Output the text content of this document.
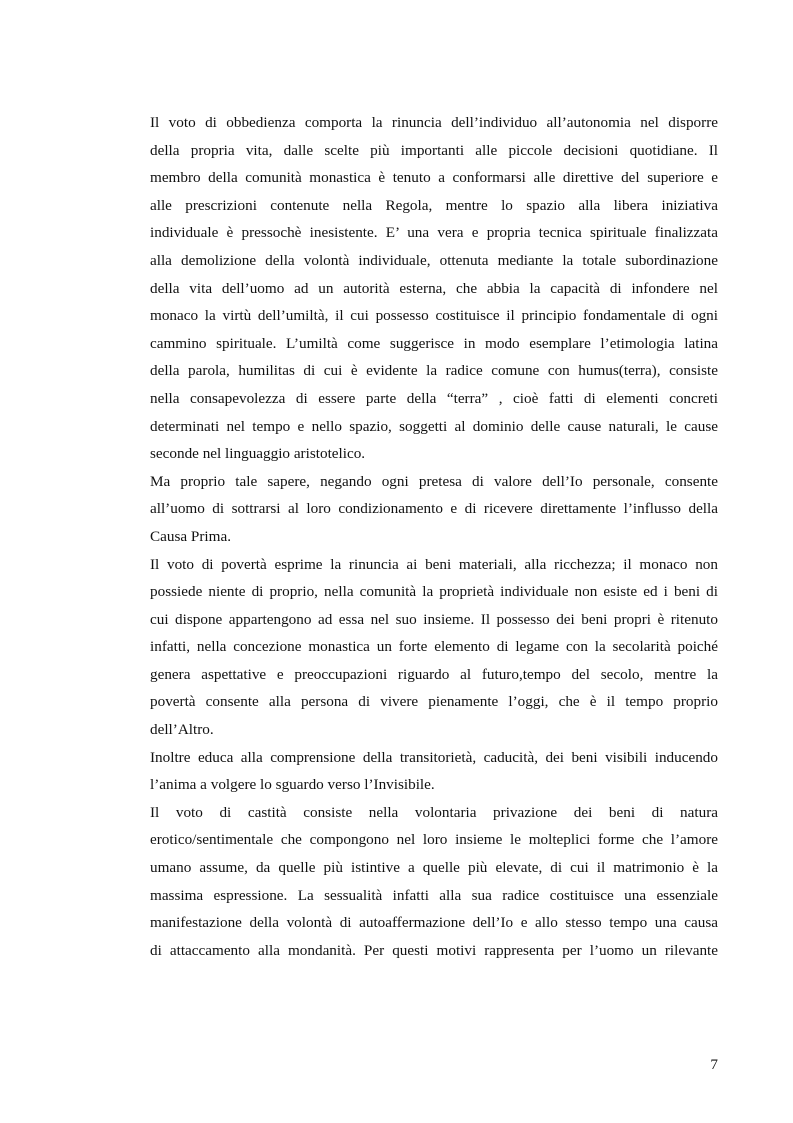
Il voto di obbedienza comporta la rinuncia dell’individuo all’autonomia nel disporre
della propria vita, dalle scelte più importanti alle piccole decisioni quotidiane. Il
membro della comunità monastica è tenuto a conformarsi alle direttive del superiore e
alle prescrizioni contenute nella Regola, mentre lo spazio alla libera iniziativa
individuale è pressochè inesistente. E’ una vera e propria tecnica spirituale finalizzata
alla demolizione della volontà individuale, ottenuta mediante la totale subordinazione
della vita dell’uomo ad un autorità esterna, che abbia la capacità di infondere nel
monaco la virtù dell’umiltà, il cui possesso costituisce il principio fondamentale di ogni
cammino spirituale. L’umiltà come suggerisce in modo esemplare l’etimologia latina
della parola, humilitas di cui è evidente la radice comune con humus(terra), consiste
nella consapevolezza di essere parte della “terra” , cioè fatti di elementi concreti
determinati nel tempo e nello spazio, soggetti al dominio delle cause naturali, le cause
seconde nel linguaggio aristotelico.
Ma proprio tale sapere, negando ogni pretesa di valore dell’Io personale, consente
all’uomo di sottrarsi al loro condizionamento e di ricevere direttamente l’influsso della
Causa Prima.
Il voto di povertà esprime la rinuncia ai beni materiali, alla ricchezza; il monaco non
possiede niente di proprio, nella comunità la proprietà individuale non esiste ed i beni di
cui dispone appartengono ad essa nel suo insieme. Il possesso dei beni propri è ritenuto
infatti, nella concezione monastica un forte elemento di legame con la secolarità poiché
genera aspettative e preoccupazioni riguardo al futuro,tempo del secolo, mentre la
povertà consente alla persona di vivere pienamente l’oggi, che è il tempo proprio
dell’Altro.
Inoltre educa alla comprensione della transitorietà, caducità, dei beni visibili inducendo
l’anima a volgere lo sguardo verso l’Invisibile.
Il voto di castità consiste nella volontaria privazione dei beni di natura
erotico/sentimentale che compongono nel loro insieme le molteplici forme che l’amore
umano assume, da quelle più istintive a quelle più elevate, di cui il matrimonio è la
massima espressione. La sessualità infatti alla sua radice costituisce una essenziale
manifestazione della volontà di autoaffermazione dell’Io e allo stesso tempo una causa
di attaccamento alla mondanità. Per questi motivi rappresenta per l’uomo un rilevante
7
